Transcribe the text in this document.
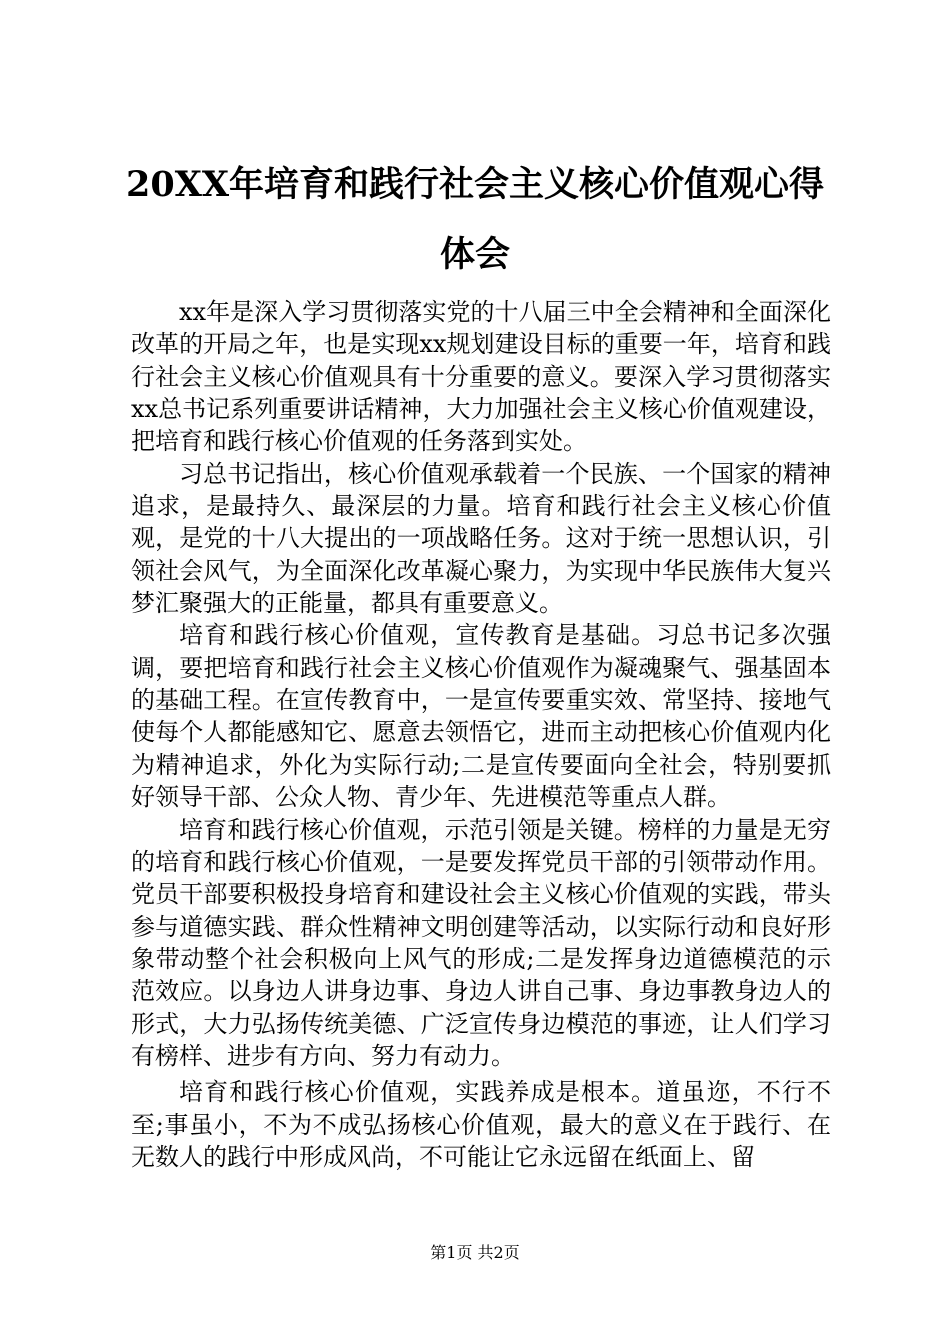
20XX年培育和践行社会主义核心价值观心得
体会

xx年是深入学习贯彻落实党的十八届三中全会精神和全面深化改革的开局之年，也是实现xx规划建设目标的重要一年，培育和践行社会主义核心价值观具有十分重要的意义。要深入学习贯彻落实xx总书记系列重要讲话精神，大力加强社会主义核心价值观建设，把培育和践行核心价值观的任务落到实处。

习总书记指出，核心价值观承载着一个民族、一个国家的精神追求，是最持久、最深层的力量。培育和践行社会主义核心价值观，是党的十八大提出的一项战略任务。这对于统一思想认识，引领社会风气，为全面深化改革凝心聚力，为实现中华民族伟大复兴梦汇聚强大的正能量，都具有重要意义。

培育和践行核心价值观，宣传教育是基础。习总书记多次强调，要把培育和践行社会主义核心价值观作为凝魂聚气、强基固本的基础工程。在宣传教育中，一是宣传要重实效、常坚持、接地气使每个人都能感知它、愿意去领悟它，进而主动把核心价值观内化为精神追求，外化为实际行动;二是宣传要面向全社会，特别要抓好领导干部、公众人物、青少年、先进模范等重点人群。

培育和践行核心价值观，示范引领是关键。榜样的力量是无穷的培育和践行核心价值观，一是要发挥党员干部的引领带动作用。党员干部要积极投身培育和建设社会主义核心价值观的实践，带头参与道德实践、群众性精神文明创建等活动，以实际行动和良好形象带动整个社会积极向上风气的形成;二是发挥身边道德模范的示范效应。以身边人讲身边事、身边人讲自己事、身边事教身边人的形式，大力弘扬传统美德、广泛宣传身边模范的事迹，让人们学习有榜样、进步有方向、努力有动力。

培育和践行核心价值观，实践养成是根本。道虽迩，不行不至;事虽小，不为不成弘扬核心价值观，最大的意义在于践行、在无数人的践行中形成风尚，不可能让它永远留在纸面上、留

第1页 共2页
